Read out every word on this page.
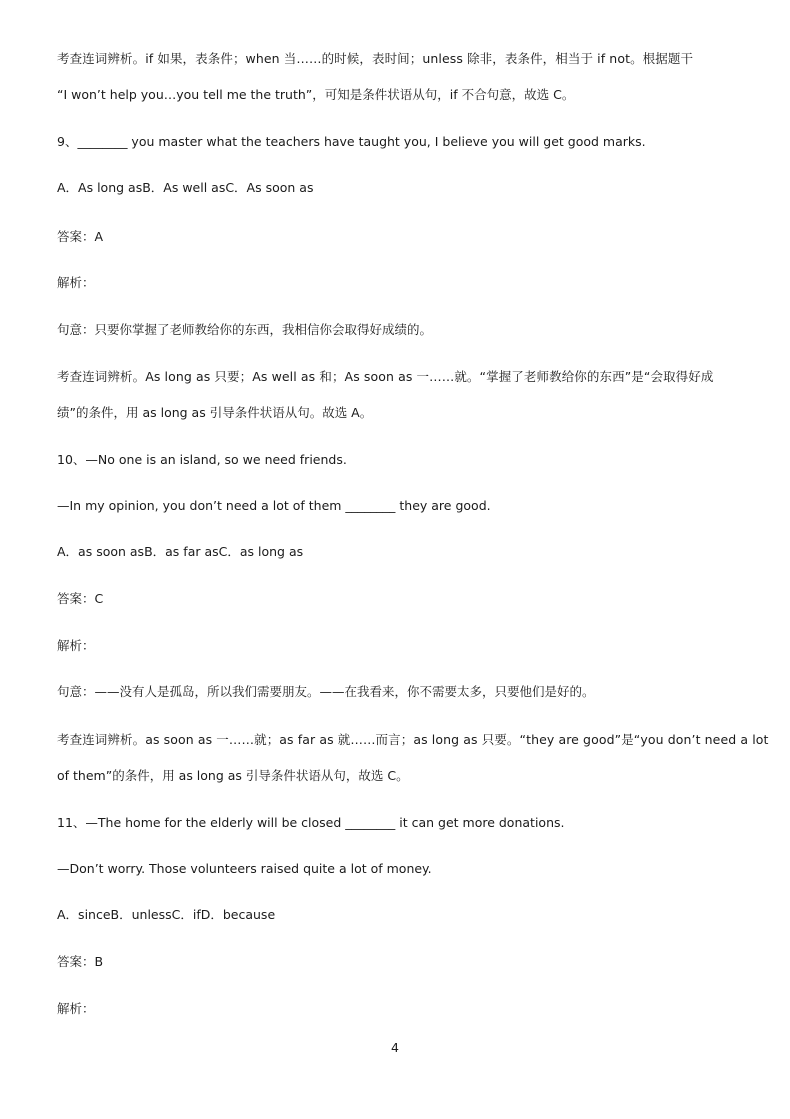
考查连词辨析。if 如果，表条件；when 当……的时候，表时间；unless 除非，表条件，相当于 if not。根据题干
“I won’t help you…you tell me the truth”，可知是条件状语从句，if 不合句意，故选 C。
9、________ you master what the teachers have taught you, I believe you will get good marks.
A．As long asB．As well asC．As soon as
答案：A
解析：
句意：只要你掌握了老师教给你的东西，我相信你会取得好成绩的。
考查连词辨析。As long as 只要；As well as 和；As soon as 一……就。“掌握了老师教给你的东西”是“会取得好成
绩”的条件，用 as long as 引导条件状语从句。故选 A。
10、—No one is an island, so we need friends.
—In my opinion, you don’t need a lot of them ________ they are good.
A．as soon asB．as far asC．as long as
答案：C
解析：
句意：——没有人是孤岛，所以我们需要朋友。——在我看来，你不需要太多，只要他们是好的。
考查连词辨析。as soon as 一……就；as far as 就……而言；as long as 只要。“they are good”是“you don’t need a lot
of them”的条件，用 as long as 引导条件状语从句，故选 C。
11、—The home for the elderly will be closed ________ it can get more donations.
—Don’t worry. Those volunteers raised quite a lot of money.
A．sinceB．unlessC．ifD．because
答案：B
解析：
4
